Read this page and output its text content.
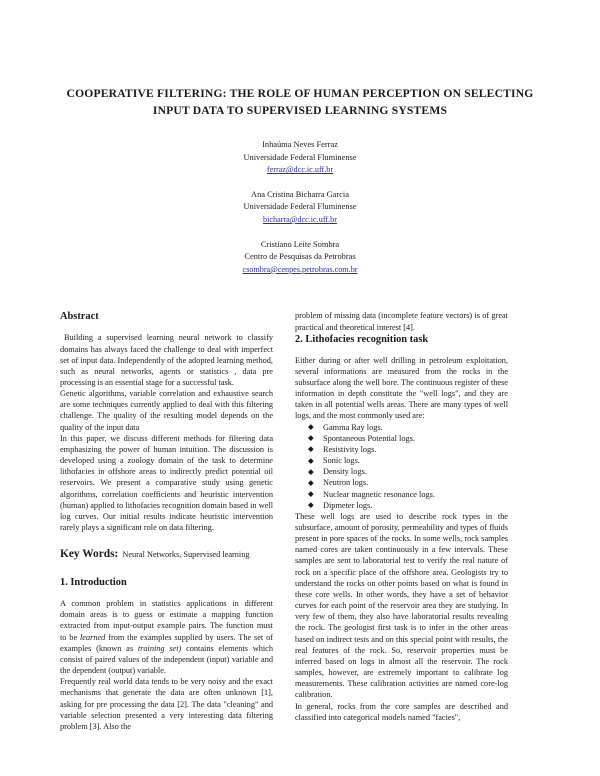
COOPERATIVE FILTERING: THE ROLE OF HUMAN PERCEPTION ON SELECTING INPUT DATA TO SUPERVISED LEARNING SYSTEMS
Inhaúma Neves Ferraz
Universidade Federal Fluminense
ferraz@dcc.ic.uff.br
Ana Cristina Bicharra Garcia
Universidade Federal Fluminense
bicharra@dcc.ic.uff.br
Cristiano Leite Sombra
Centro de Pesquisas da Petrobras
csombra@cenpes.petrobras.com.br
Abstract

Building a supervised learning neural network to classify domains has always faced the challenge to deal with imperfect set of input data. Independently of the adopted learning method, such as neural networks, agents or statistics , data pre processing is an essential stage for a successful task.

Genetic algorithms, variable correlation and exhaustive search are some techniques currently applied to deal with this filtering challenge. The quality of the resulting model depends on the quality of the input data

In this paper, we discuss different methods for filtering data emphasizing the power of human intuition. The discussion is developed using a zoology domain of the task to determine lithofacies in offshore areas to indirectly predict potential oil reservoirs. We present a comparative study using genetic algorithms, correlation coefficients and heuristic intervention (human) applied to lithofacies recognition domain based in well log curves. Our initial results indicate heuristic intervention rarely plays a significant role on data filtering.

Key Words: Neural Networks, Supervised learning
1. Introduction

A common problem in statistics applications in different domain areas is to guess or estimate a mapping function extracted from input-output example pairs. The function must to be learned from the examples supplied by users. The set of examples (known as training set) contains elements which consist of paired values of the independent (input) variable and the dependent (output) variable.

Frequently real world data tends to be very noisy and the exact mechanisms that generate the data are often unknown [1], asking for pre processing the data [2]. The data "cleaning" and variable selection presented a very interesting data filtering problem [3]. Also the

problem of missing data (incomplete feature vectors) is of great practical and theoretical interest [4].

2. Lithofacies recognition task

Either during or after well drilling in petroleum exploitation, several informations are measured from the rocks in the subsurface along the well bore. The continuous register of these information in depth constitute the "well logs", and they are taken in all potential wells areas. There are many types of well logs, and the most commonly used are:

◆ Gamma Ray logs.
◆ Spontaneous Potential logs.
◆ Resistivity logs.
◆ Sonic logs.
◆ Density logs.
◆ Neutron logs.
◆ Nuclear magnetic resonance logs.
◆ Dipmeter logs.

These well logs are used to describe rock types in the subsurface, amount of porosity, permeability and types of fluids present in pore spaces of the rocks. In some wells, rock samples named cores are taken continuously in a few intervals. These samples are sent to laboratorial test to verify the real nature of rock on a specific place of the offshore area. Geologists try to understand the rocks on other points based on what is found in these core wells. In other words, they have a set of behavior curves for each point of the reservoir area they are studying. In very few of them, they also have laboratorial results revealing the rock. The geologist first task is to infer in the other areas based on indirect tests and on this special point with results, the real features of the rock. So, reservoir properties must be inferred based on logs in almost all the reservoir. The rock samples, however, are extremely important to calibrate log measurements. These calibration activities are named core-log calibration.

In general, rocks from the core samples are described and classified into categorical models named "facies",
